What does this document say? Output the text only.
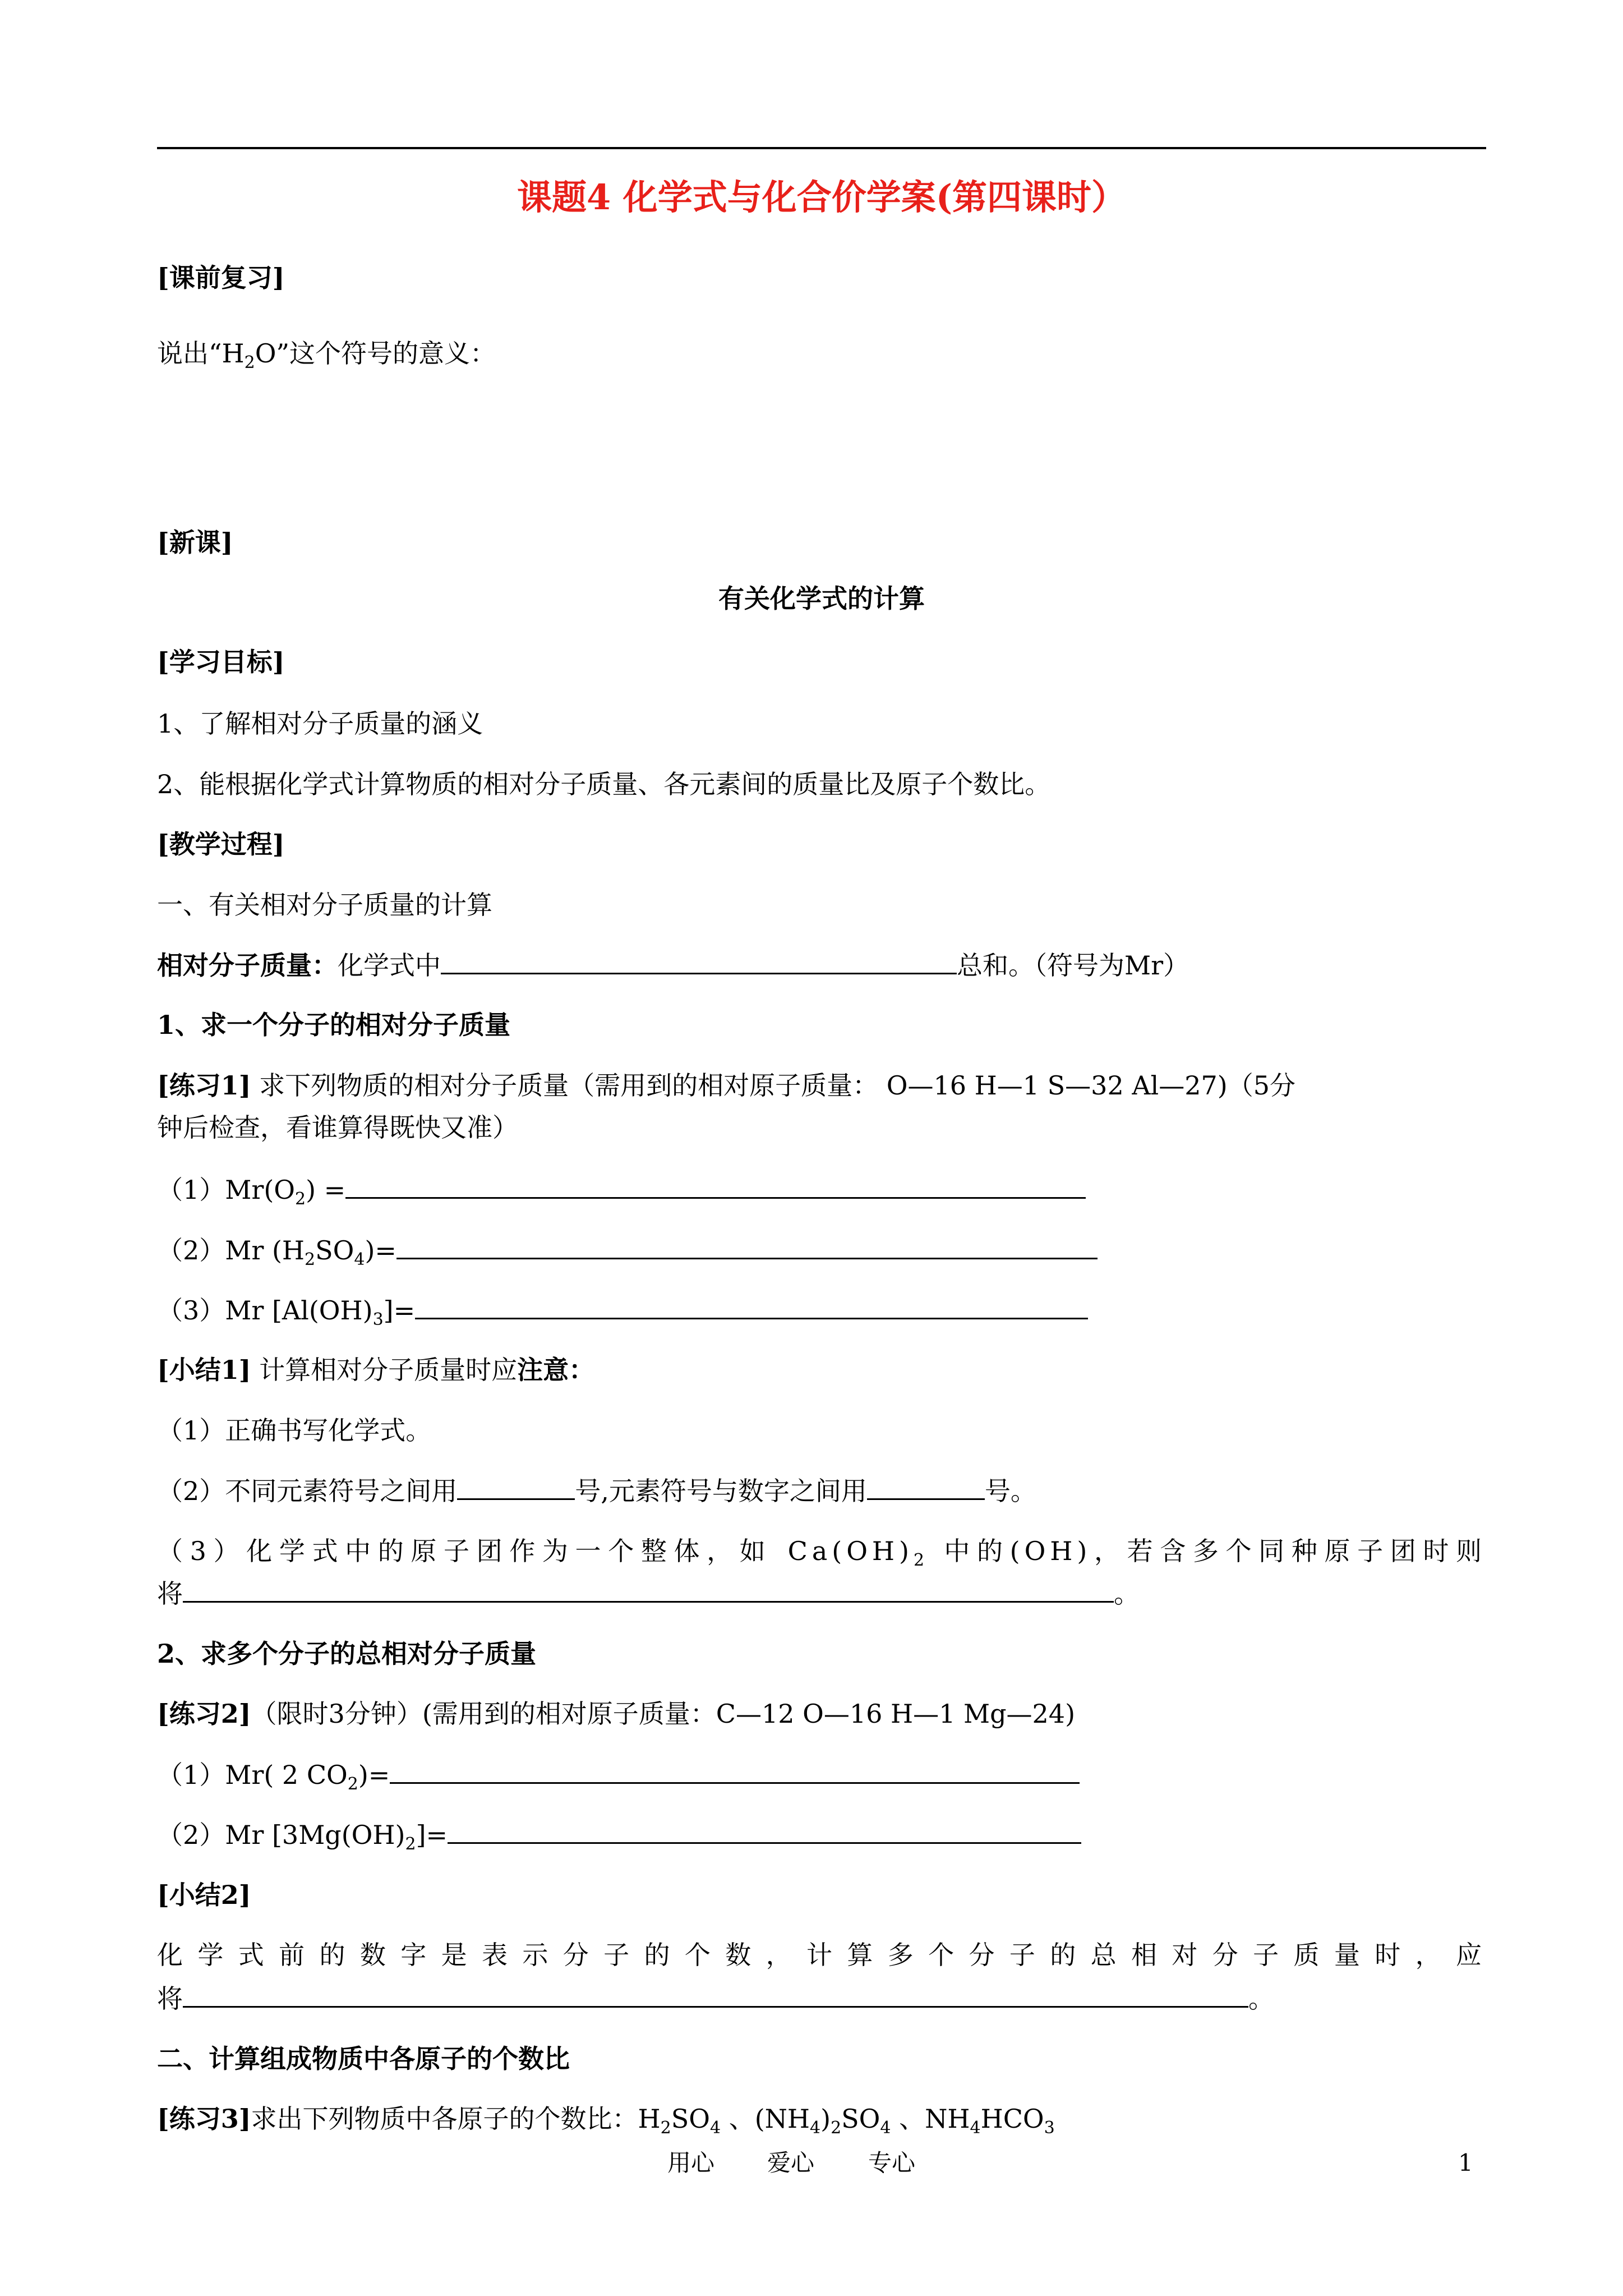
课题4 化学式与化合价学案(第四课时）
[课前复习]
说出“$H_2O$”这个符号的意义：
[新课]
有关化学式的计算
[学习目标]
1、了解相对分子质量的涵义
2、能根据化学式计算物质的相对分子质量、各元素间的质量比及原子个数比。
[教学过程]
一、有关相对分子质量的计算
相对分子质量：化学式中	总和。（符号为Mr）
1、求一个分子的相对分子质量
[练习1] 求下列物质的相对分子质量（需用到的相对原子质量： O—16 H—1 S—32 Al—27)（5分
钟后检查，看谁算得既快又准）
$(1)Mr(O_2)$ =
（2）Mr $(H_2SO_4)=$
（3）Mr $[Al(OH)_3]=$
[小结1] 计算相对分子质量时应注意：
（1）正确书写化学式。
（2）不同元素符号之间用	号,元素符号与数字之间用	号。
（3）化学式中的原子团作为一个整体，如 $Ca(OH)_2$ 中的(OH)，若含多个同种原子团时则
将	。
2、求多个分子的总相对分子质量
[练习2]（限时3分钟）(需用到的相对原子质量：C—12 O—16 H—1 Mg—24)
（1）Mr( 2 $CO_2)=$
（2）Mr $[3Mg(OH)_2]=$
[小结2]
化学式前的数字是表示分子的个数，计算多个分子的总相对分子质量时，应
将	。
二、计算组成物质中各原子的个数比
[练习3]求出下列物质中各原子的个数比：$H_2SO_4$ 、$(NH_4)_2SO_4$ 、$NH_4HCO_3$
用心 爱心 专心	1
